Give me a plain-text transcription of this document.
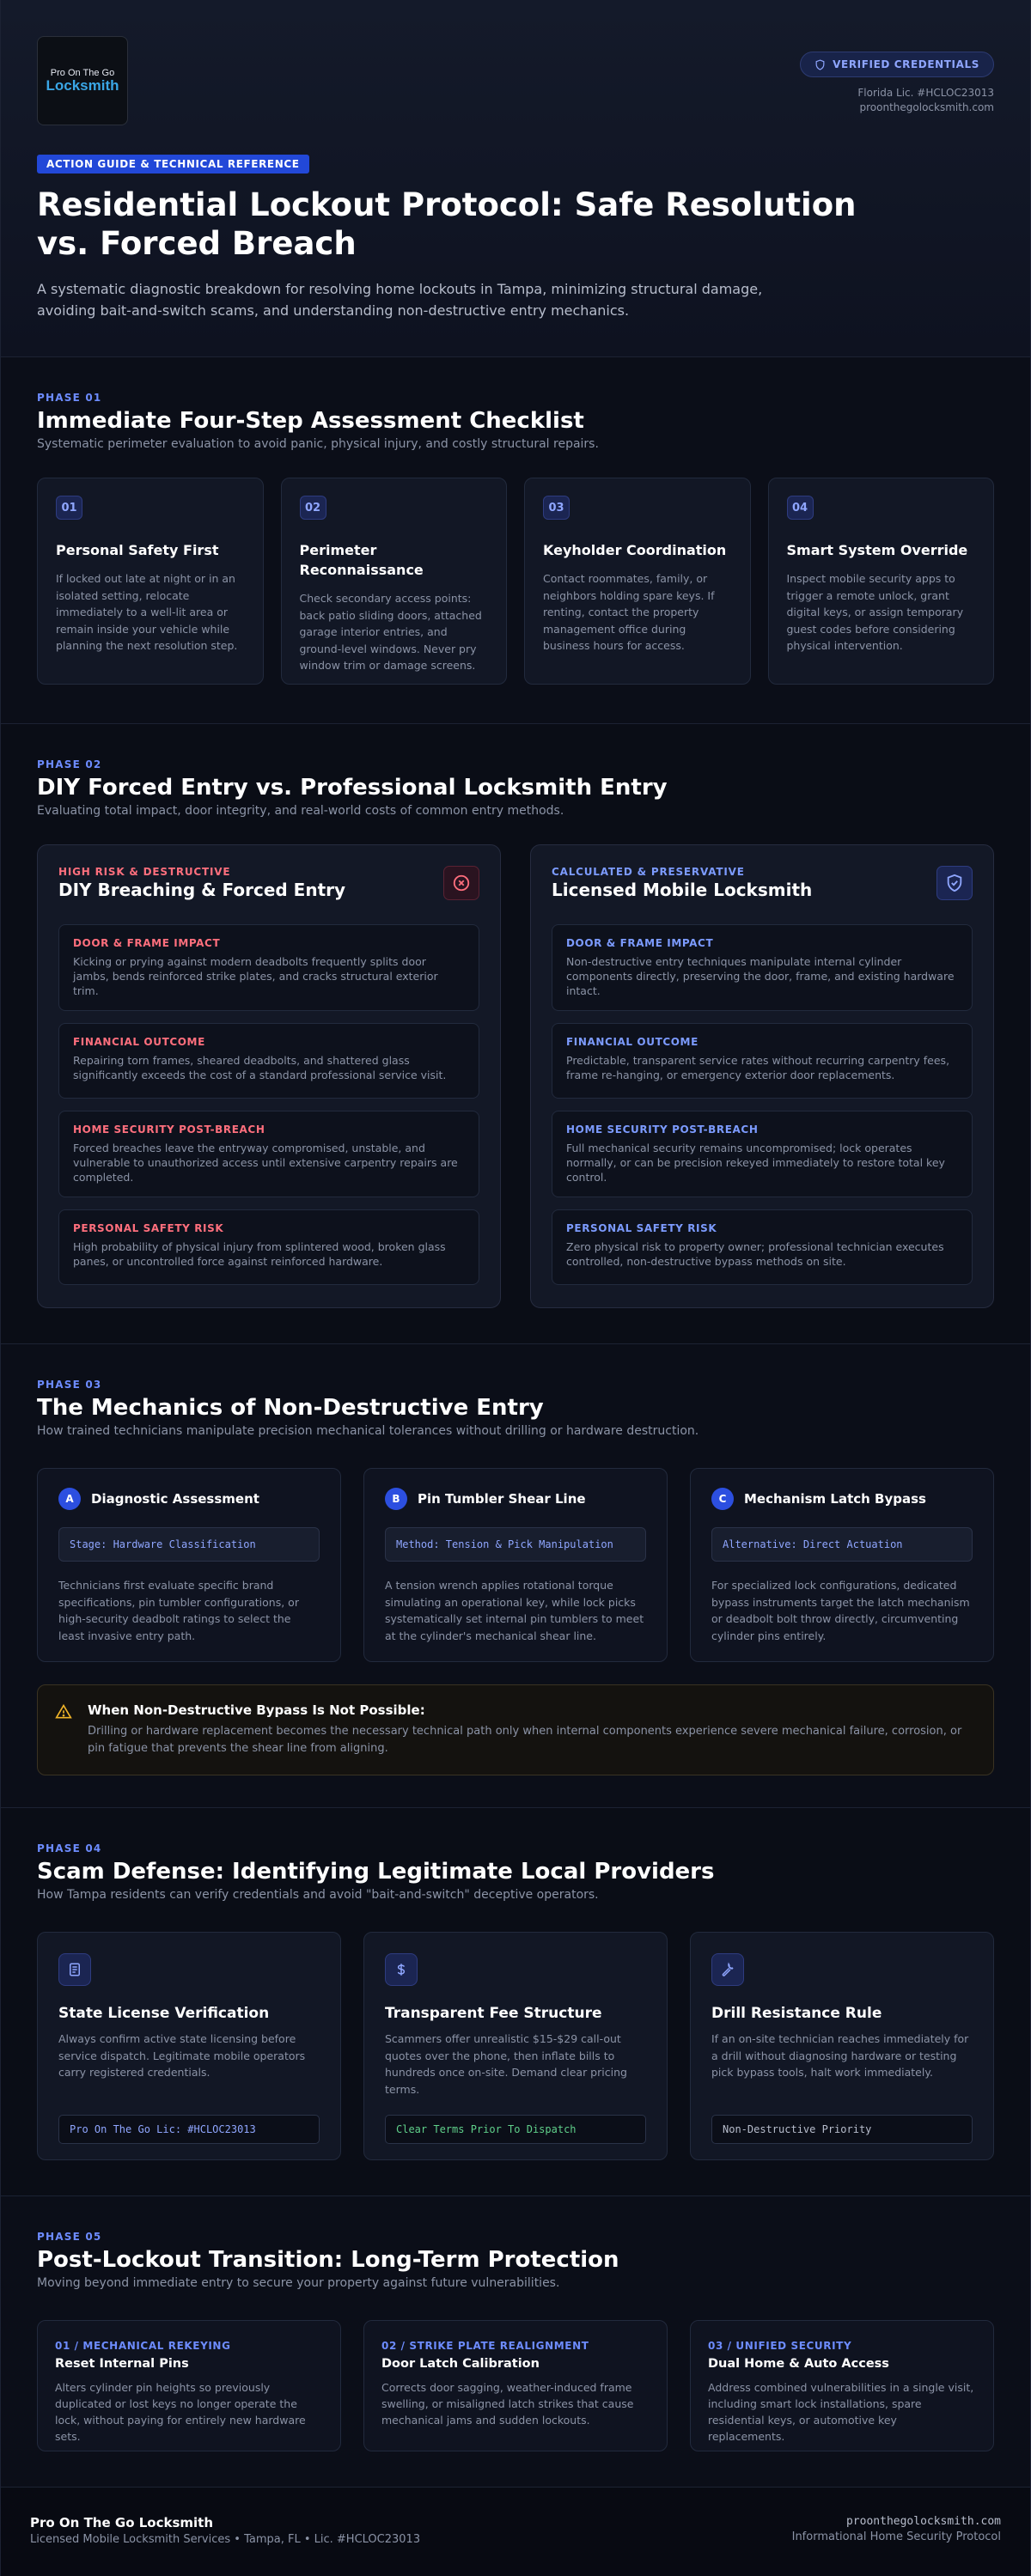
Pro On The Go
Locksmith
VERIFIED CREDENTIALS
Florida Lic. #HCLOC23013
proonthegolocksmith.com
ACTION GUIDE & TECHNICAL REFERENCE
Residential Lockout Protocol: Safe Resolution vs. Forced Breach

A systematic diagnostic breakdown for resolving home lockouts in Tampa, minimizing structural damage, avoiding bait-and-switch scams, and understanding non-destructive entry mechanics.

PHASE 01
Immediate Four-Step Assessment Checklist

Systematic perimeter evaluation to avoid panic, physical injury, and costly structural repairs.

01
Personal Safety First
If locked out late at night or in an isolated setting, relocate immediately to a well-lit area or remain inside your vehicle while planning the next resolution step.
02
Perimeter Reconnaissance
Check secondary access points: back patio sliding doors, attached garage interior entries, and ground-level windows. Never pry window trim or damage screens.
03
Keyholder Coordination
Contact roommates, family, or neighbors holding spare keys. If renting, contact the property management office during business hours for access.
04
Smart System Override
Inspect mobile security apps to trigger a remote unlock, grant digital keys, or assign temporary guest codes before considering physical intervention.
PHASE 02
DIY Forced Entry vs. Professional Locksmith Entry

Evaluating total impact, door integrity, and real-world costs of common entry methods.

HIGH RISK & DESTRUCTIVE
DIY Breaching & Forced Entry
DOOR & FRAME IMPACT
Kicking or prying against modern deadbolts frequently splits door jambs, bends reinforced strike plates, and cracks structural exterior trim.
FINANCIAL OUTCOME
Repairing torn frames, sheared deadbolts, and shattered glass significantly exceeds the cost of a standard professional service visit.
HOME SECURITY POST-BREACH
Forced breaches leave the entryway compromised, unstable, and vulnerable to unauthorized access until extensive carpentry repairs are completed.
PERSONAL SAFETY RISK
High probability of physical injury from splintered wood, broken glass panes, or uncontrolled force against reinforced hardware.
CALCULATED & PRESERVATIVE
Licensed Mobile Locksmith
DOOR & FRAME IMPACT
Non-destructive entry techniques manipulate internal cylinder components directly, preserving the door, frame, and existing hardware intact.
FINANCIAL OUTCOME
Predictable, transparent service rates without recurring carpentry fees, frame re-hanging, or emergency exterior door replacements.
HOME SECURITY POST-BREACH
Full mechanical security remains uncompromised; lock operates normally, or can be precision rekeyed immediately to restore total key control.
PERSONAL SAFETY RISK
Zero physical risk to property owner; professional technician executes controlled, non-destructive bypass methods on site.
PHASE 03
The Mechanics of Non-Destructive Entry

How trained technicians manipulate precision mechanical tolerances without drilling or hardware destruction.

A	Diagnostic Assessment
Stage: Hardware Classification
Technicians first evaluate specific brand specifications, pin tumbler configurations, or high-security deadbolt ratings to select the least invasive entry path.
B	Pin Tumbler Shear Line
Method: Tension & Pick Manipulation
A tension wrench applies rotational torque simulating an operational key, while lock picks systematically set internal pin tumblers to meet at the cylinder's mechanical shear line.
C	Mechanism Latch Bypass
Alternative: Direct Actuation
For specialized lock configurations, dedicated bypass instruments target the latch mechanism or deadbolt bolt throw directly, circumventing cylinder pins entirely.
When Non-Destructive Bypass Is Not Possible:
Drilling or hardware replacement becomes the necessary technical path only when internal components experience severe mechanical failure, corrosion, or pin fatigue that prevents the shear line from aligning.
PHASE 04
Scam Defense: Identifying Legitimate Local Providers

How Tampa residents can verify credentials and avoid "bait-and-switch" deceptive operators.

State License Verification
Always confirm active state licensing before service dispatch. Legitimate mobile operators carry registered credentials.
Pro On The Go Lic: #HCLOC23013
Transparent Fee Structure
Scammers offer unrealistic $15-$29 call-out quotes over the phone, then inflate bills to hundreds once on-site. Demand clear pricing terms.
Clear Terms Prior To Dispatch
Drill Resistance Rule
If an on-site technician reaches immediately for a drill without diagnosing hardware or testing pick bypass tools, halt work immediately.
Non-Destructive Priority
PHASE 05
Post-Lockout Transition: Long-Term Protection

Moving beyond immediate entry to secure your property against future vulnerabilities.

01 / MECHANICAL REKEYING
Reset Internal Pins
Alters cylinder pin heights so previously duplicated or lost keys no longer operate the lock, without paying for entirely new hardware sets.
02 / STRIKE PLATE REALIGNMENT
Door Latch Calibration
Corrects door sagging, weather-induced frame swelling, or misaligned latch strikes that cause mechanical jams and sudden lockouts.
03 / UNIFIED SECURITY
Dual Home & Auto Access
Address combined vulnerabilities in a single visit, including smart lock installations, spare residential keys, or automotive key replacements.
Pro On The Go Locksmith
Licensed Mobile Locksmith Services • Tampa, FL • Lic. #HCLOC23013
proonthegolocksmith.com
Informational Home Security Protocol
